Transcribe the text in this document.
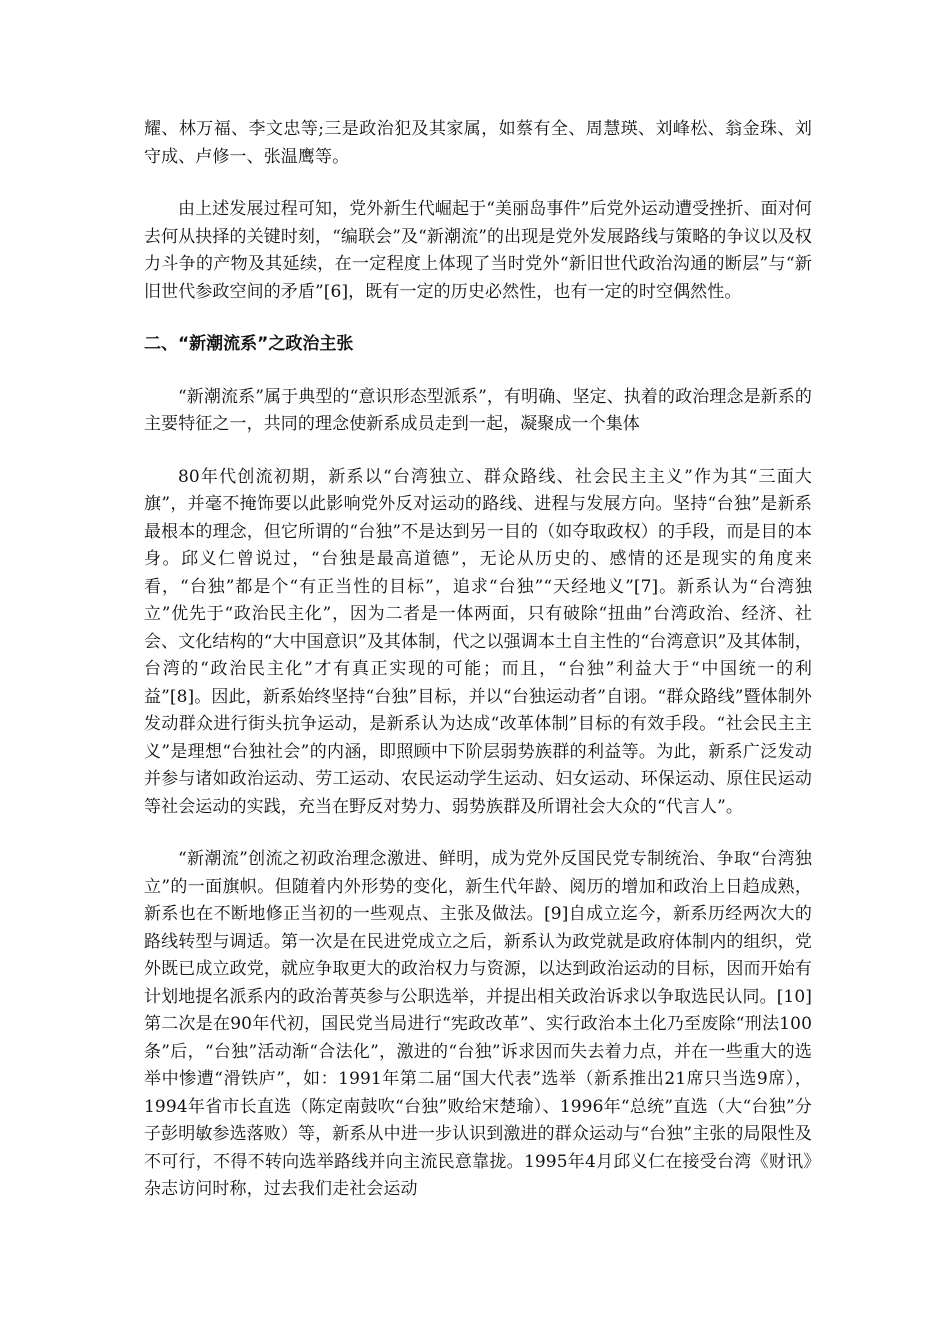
耀、林万福、李文忠等;三是政治犯及其家属，如蔡有全、周慧瑛、刘峰松、翁金珠、刘守成、卢修一、张温鹰等。

由上述发展过程可知，党外新生代崛起于“美丽岛事件”后党外运动遭受挫折、面对何去何从抉择的关键时刻，“编联会”及“新潮流”的出现是党外发展路线与策略的争议以及权力斗争的产物及其延续，在一定程度上体现了当时党外“新旧世代政治沟通的断层”与“新旧世代参政空间的矛盾”[6]，既有一定的历史必然性，也有一定的时空偶然性。

二、“新潮流系”之政治主张

“新潮流系”属于典型的“意识形态型派系”，有明确、坚定、执着的政治理念是新系的主要特征之一，共同的理念使新系成员走到一起，凝聚成一个集体

80年代创流初期，新系以“台湾独立、群众路线、社会民主主义”作为其“三面大旗”，并毫不掩饰要以此影响党外反对运动的路线、进程与发展方向。坚持“台独”是新系最根本的理念，但它所谓的“台独”不是达到另一目的（如夺取政权）的手段，而是目的本身。邱义仁曾说过，“台独是最高道德”，无论从历史的、感情的还是现实的角度来看，“台独”都是个“有正当性的目标”，追求“台独”“天经地义”[7]。新系认为“台湾独立”优先于“政治民主化”，因为二者是一体两面，只有破除“扭曲”台湾政治、经济、社会、文化结构的“大中国意识”及其体制，代之以强调本土自主性的“台湾意识”及其体制，台湾的“政治民主化”才有真正实现的可能；而且，“台独”利益大于“中国统一的利益”[8]。因此，新系始终坚持“台独”目标，并以“台独运动者”自诩。“群众路线”暨体制外发动群众进行街头抗争运动，是新系认为达成“改革体制”目标的有效手段。“社会民主主义”是理想“台独社会”的内涵，即照顾中下阶层弱势族群的利益等。为此，新系广泛发动并参与诸如政治运动、劳工运动、农民运动学生运动、妇女运动、环保运动、原住民运动等社会运动的实践，充当在野反对势力、弱势族群及所谓社会大众的“代言人”。

“新潮流”创流之初政治理念激进、鲜明，成为党外反国民党专制统治、争取“台湾独立”的一面旗帜。但随着内外形势的变化，新生代年龄、阅历的增加和政治上日趋成熟，新系也在不断地修正当初的一些观点、主张及做法。[9]自成立迄今，新系历经两次大的路线转型与调适。第一次是在民进党成立之后，新系认为政党就是政府体制内的组织，党外既已成立政党，就应争取更大的政治权力与资源，以达到政治运动的目标，因而开始有计划地提名派系内的政治菁英参与公职选举，并提出相关政治诉求以争取选民认同。[10]第二次是在90年代初，国民党当局进行“宪政改革”、实行政治本土化乃至废除“刑法100条”后，“台独”活动渐“合法化”，激进的“台独”诉求因而失去着力点，并在一些重大的选举中惨遭“滑铁庐”，如：1991年第二届“国大代表”选举（新系推出21席只当选9席），1994年省市长直选（陈定南鼓吹“台独”败给宋楚瑜）、1996年“总统”直选（大“台独”分子彭明敏参选落败）等，新系从中进一步认识到激进的群众运动与“台独”主张的局限性及不可行，不得不转向选举路线并向主流民意靠拢。1995年4月邱义仁在接受台湾《财讯》杂志访问时称，过去我们走社会运动
